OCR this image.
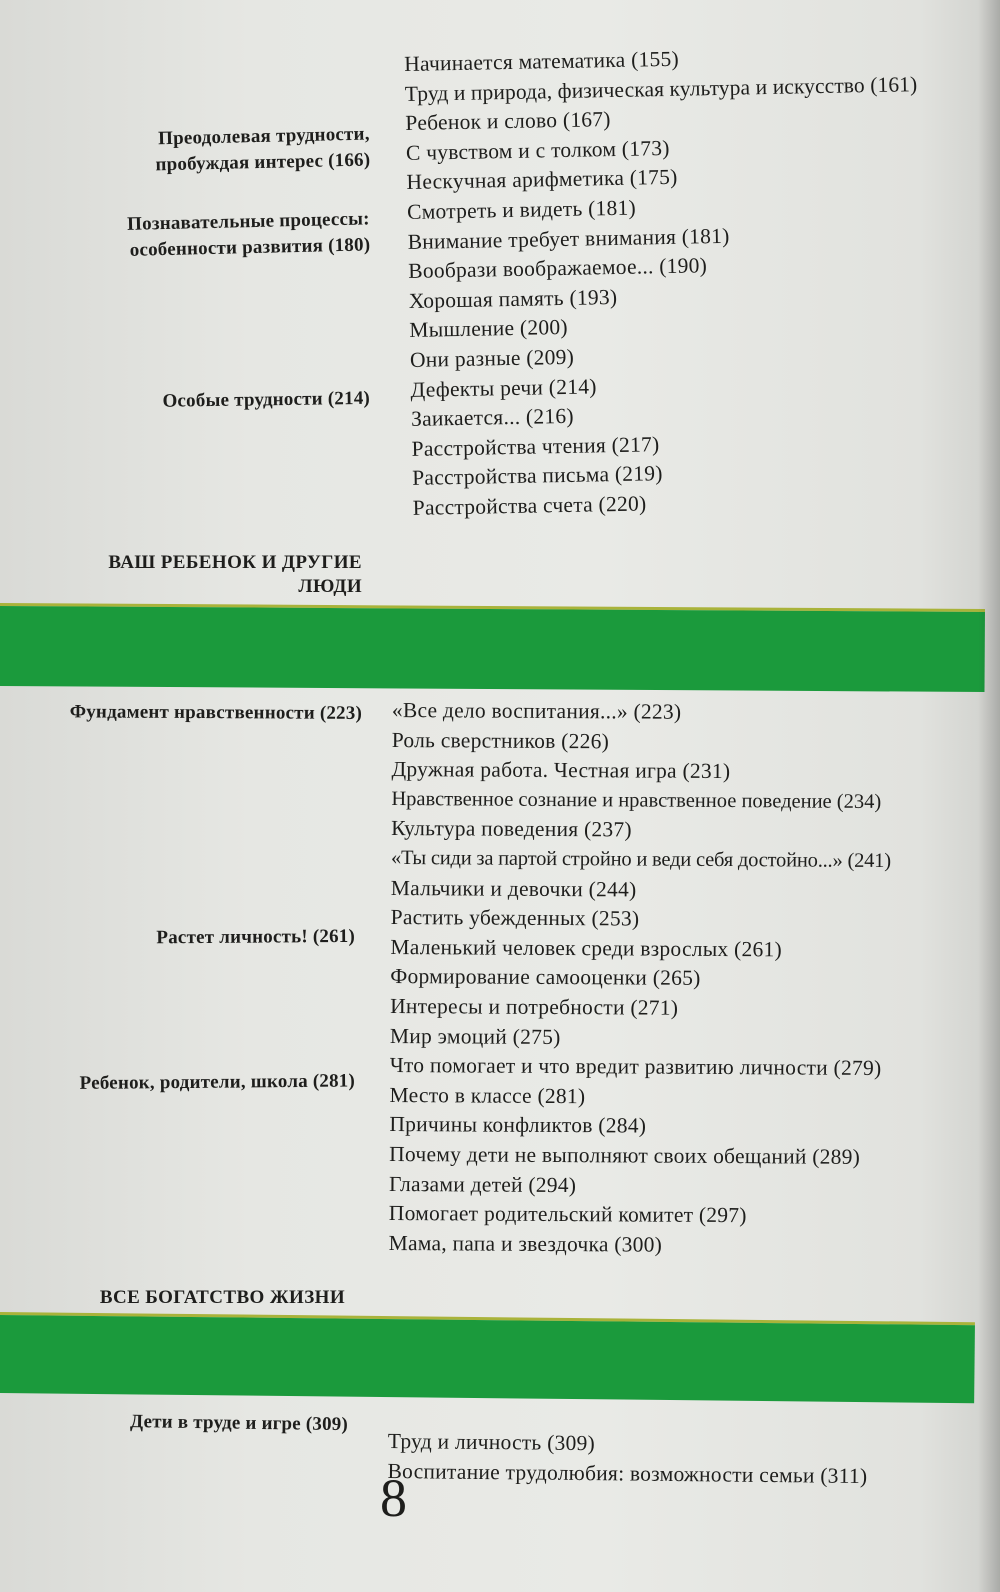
Преодолевая трудности,
пробуждая интерес (166)
Познавательные процессы:
особенности развития (180)
Особые трудности (214)
Начинается математика (155)
Труд и природа, физическая культура и искусство (161)
Ребенок и слово (167)
С чувством и с толком (173)
Нескучная арифметика (175)
Смотреть и видеть (181)
Внимание требует внимания (181)
Вообрази воображаемое... (190)
Хорошая память (193)
Мышление (200)
Они разные (209)
Дефекты речи (214)
Заикается... (216)
Расстройства чтения (217)
Расстройства письма (219)
Расстройства счета (220)
ВАШ РЕБЕНОК И ДРУГИЕ
ЛЮДИ
Фундамент нравственности (223)
Растет личность! (261)
Ребенок, родители, школа (281)
«Все дело воспитания...» (223)
Роль сверстников (226)
Дружная работа. Честная игра (231)
Нравственное сознание и нравственное поведение (234)
Культура поведения (237)
«Ты сиди за партой стройно и веди себя достойно...» (241)
Мальчики и девочки (244)
Растить убежденных (253)
Маленький человек среди взрослых (261)
Формирование самооценки (265)
Интересы и потребности (271)
Мир эмоций (275)
Что помогает и что вредит развитию личности (279)
Место в классе (281)
Причины конфликтов (284)
Почему дети не выполняют своих обещаний (289)
Глазами детей (294)
Помогает родительский комитет (297)
Мама, папа и звездочка (300)
ВСЕ БОГАТСТВО ЖИЗНИ
Дети в труде и игре (309)
Труд и личность (309)
Воспитание трудолюбия: возможности семьи (311)
8
